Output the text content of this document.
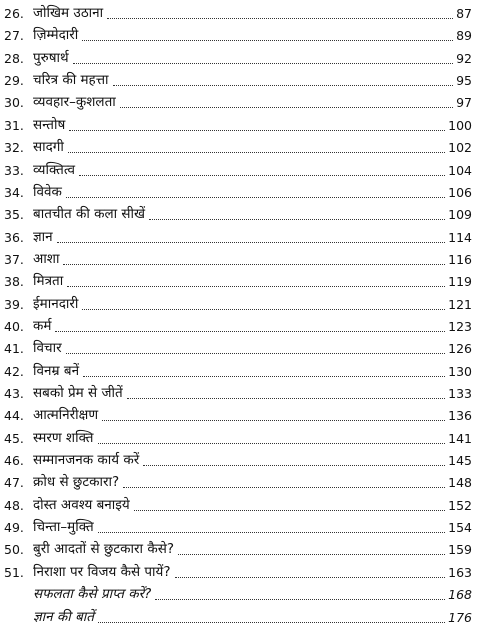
26. जोखिम उठाना	87
27. ज़िम्मेदारी	89
28. पुरुषार्थ	92
29. चरित्र की महत्ता	95
30. व्यवहार–कुशलता	97
31. सन्तोष	100
32. सादगी	102
33. व्यक्तित्व	104
34. विवेक	106
35. बातचीत की कला सीखें	109
36. ज्ञान	114
37. आशा	116
38. मित्रता	119
39. ईमानदारी	121
40. कर्म	123
41. विचार	126
42. विनम्र बनें	130
43. सबको प्रेम से जीतें	133
44. आत्मनिरीक्षण	136
45. स्मरण शक्ति	141
46. सम्मानजनक कार्य करें	145
47. क्रोध से छुटकारा?	148
48. दोस्त अवश्य बनाइये	152
49. चिन्ता–मुक्ति	154
50. बुरी आदतों से छुटकारा कैसे?	159
51. निराशा पर विजय कैसे पायें?	163
सफलता कैसे प्राप्त करें?	168
ज्ञान की बातें	176
